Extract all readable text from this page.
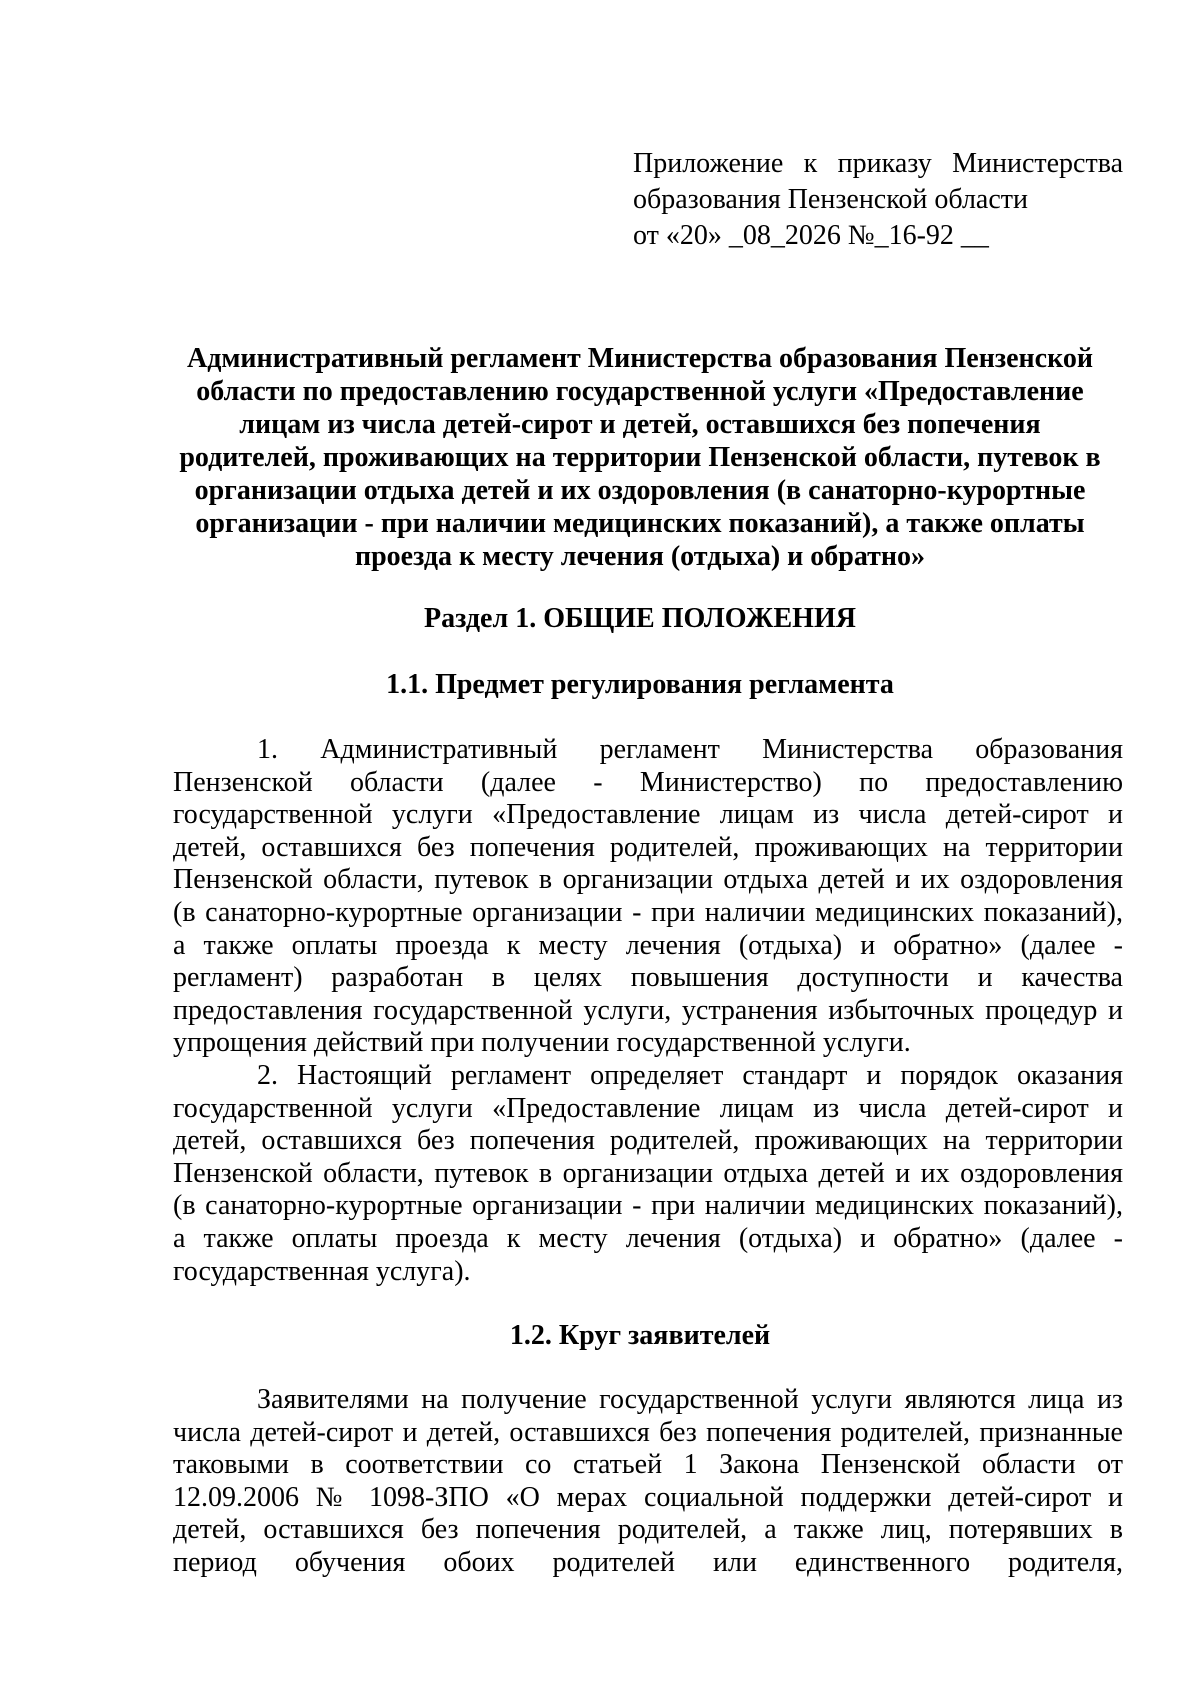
Приложение к приказу Министерства
образования Пензенской области
от «20» _08_2026 №_16-92 __
Административный регламент Министерства образования Пензенской
области по предоставлению государственной услуги «Предоставление
лицам из числа детей-сирот и детей, оставшихся без попечения
родителей, проживающих на территории Пензенской области, путевок в
организации отдыха детей и их оздоровления (в санаторно-курортные
организации - при наличии медицинских показаний), а также оплаты
проезда к месту лечения (отдыха) и обратно»
Раздел 1. ОБЩИЕ ПОЛОЖЕНИЯ
1.1. Предмет регулирования регламента
1. Административный регламент Министерства образования
Пензенской области (далее - Министерство) по предоставлению
государственной услуги «Предоставление лицам из числа детей-сирот и
детей, оставшихся без попечения родителей, проживающих на территории
Пензенской области, путевок в организации отдыха детей и их оздоровления
(в санаторно-курортные организации - при наличии медицинских показаний),
а также оплаты проезда к месту лечения (отдыха) и обратно» (далее -
регламент) разработан в целях повышения доступности и качества
предоставления государственной услуги, устранения избыточных процедур и
упрощения действий при получении государственной услуги.
2. Настоящий регламент определяет стандарт и порядок оказания
государственной услуги «Предоставление лицам из числа детей-сирот и
детей, оставшихся без попечения родителей, проживающих на территории
Пензенской области, путевок в организации отдыха детей и их оздоровления
(в санаторно-курортные организации - при наличии медицинских показаний),
а также оплаты проезда к месту лечения (отдыха) и обратно» (далее -
государственная услуга).
1.2. Круг заявителей
Заявителями на получение государственной услуги являются лица из
числа детей-сирот и детей, оставшихся без попечения родителей, признанные
таковыми в соответствии со статьей 1 Закона Пензенской области от
12.09.2006 № 1098-ЗПО «О мерах социальной поддержки детей-сирот и
детей, оставшихся без попечения родителей, а также лиц, потерявших в
период обучения обоих родителей или единственного родителя,
